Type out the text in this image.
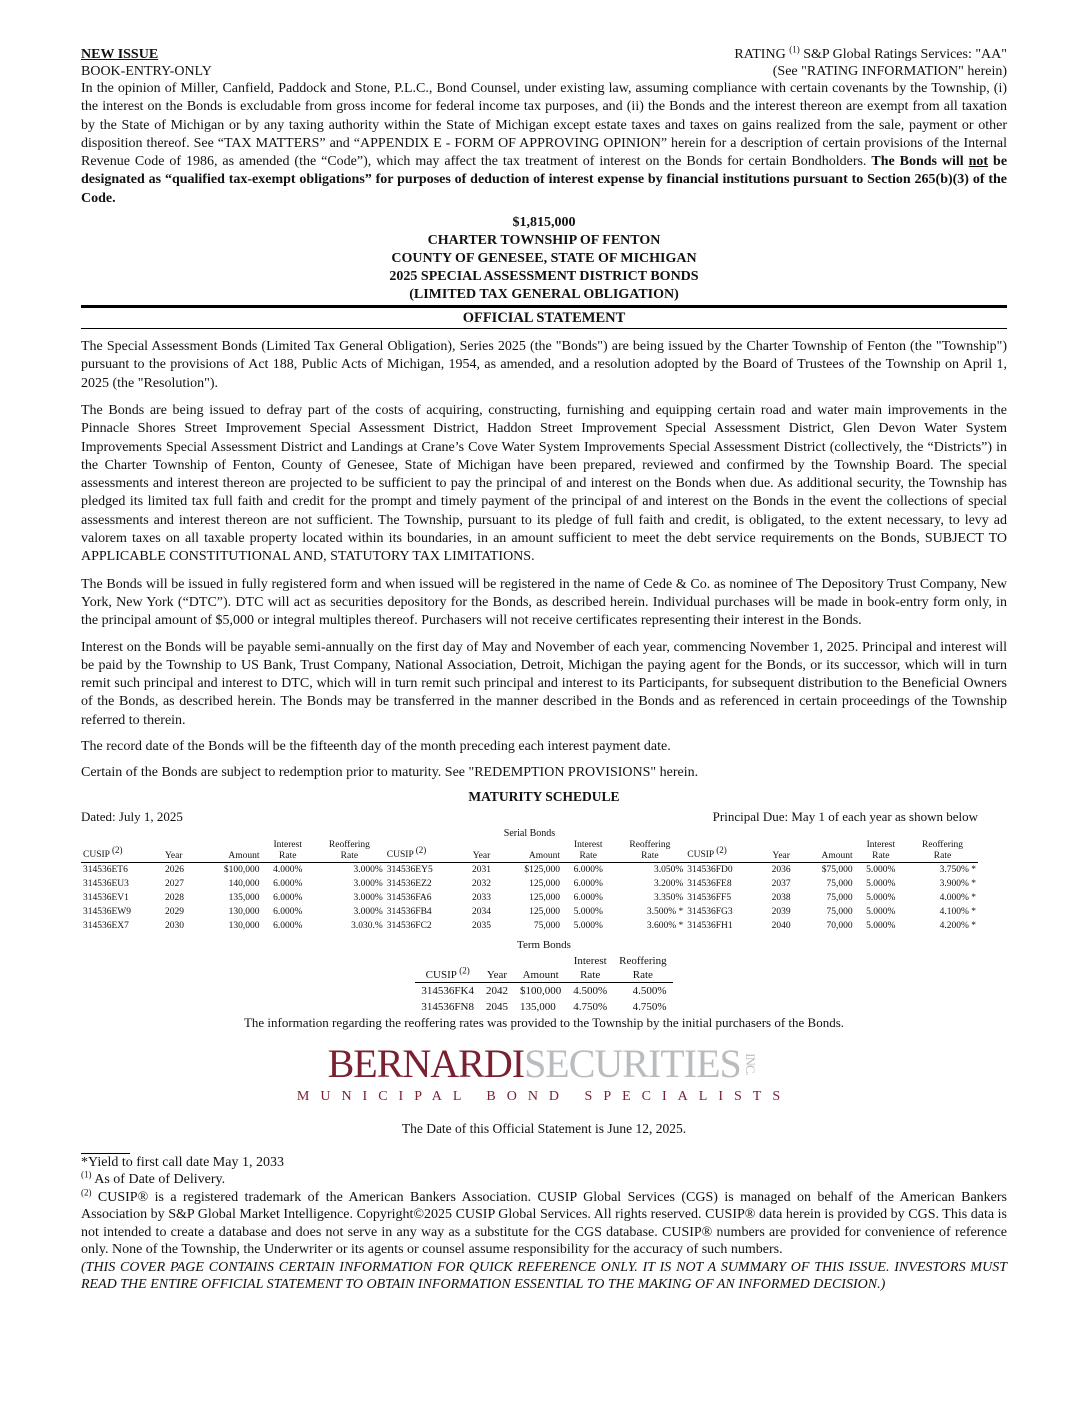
NEW ISSUE
BOOK-ENTRY-ONLY
RATING $^{(1)}$ S&P Global Ratings Services: "AA"
(See "RATING INFORMATION" herein)
In the opinion of Miller, Canfield, Paddock and Stone, P.L.C., Bond Counsel, under existing law, assuming compliance with certain covenants by the Township, (i) the interest on the Bonds is excludable from gross income for federal income tax purposes, and (ii) the Bonds and the interest thereon are exempt from all taxation by the State of Michigan or by any taxing authority within the State of Michigan except estate taxes and taxes on gains realized from the sale, payment or other disposition thereof. See “TAX MATTERS” and “APPENDIX E - FORM OF APPROVING OPINION” herein for a description of certain provisions of the Internal Revenue Code of 1986, as amended (the “Code”), which may affect the tax treatment of interest on the Bonds for certain Bondholders. The Bonds will not be designated as “qualified tax-exempt obligations” for purposes of deduction of interest expense by financial institutions pursuant to Section 265(b)(3) of the Code.
$1,815,000
CHARTER TOWNSHIP OF FENTON
COUNTY OF GENESEE, STATE OF MICHIGAN
2025 SPECIAL ASSESSMENT DISTRICT BONDS
(LIMITED TAX GENERAL OBLIGATION)
OFFICIAL STATEMENT
The Special Assessment Bonds (Limited Tax General Obligation), Series 2025 (the "Bonds") are being issued by the Charter Township of Fenton (the "Township") pursuant to the provisions of Act 188, Public Acts of Michigan, 1954, as amended, and a resolution adopted by the Board of Trustees of the Township on April 1, 2025 (the "Resolution").
The Bonds are being issued to defray part of the costs of acquiring, constructing, furnishing and equipping certain road and water main improvements in the Pinnacle Shores Street Improvement Special Assessment District, Haddon Street Improvement Special Assessment District, Glen Devon Water System Improvements Special Assessment District and Landings at Crane’s Cove Water System Improvements Special Assessment District (collectively, the “Districts”) in the Charter Township of Fenton, County of Genesee, State of Michigan have been prepared, reviewed and confirmed by the Township Board. The special assessments and interest thereon are projected to be sufficient to pay the principal of and interest on the Bonds when due. As additional security, the Township has pledged its limited tax full faith and credit for the prompt and timely payment of the principal of and interest on the Bonds in the event the collections of special assessments and interest thereon are not sufficient. The Township, pursuant to its pledge of full faith and credit, is obligated, to the extent necessary, to levy ad valorem taxes on all taxable property located within its boundaries, in an amount sufficient to meet the debt service requirements on the Bonds, SUBJECT TO APPLICABLE CONSTITUTIONAL AND, STATUTORY TAX LIMITATIONS.
The Bonds will be issued in fully registered form and when issued will be registered in the name of Cede & Co. as nominee of The Depository Trust Company, New York, New York (“DTC”). DTC will act as securities depository for the Bonds, as described herein. Individual purchases will be made in book-entry form only, in the principal amount of $5,000 or integral multiples thereof. Purchasers will not receive certificates representing their interest in the Bonds.
Interest on the Bonds will be payable semi-annually on the first day of May and November of each year, commencing November 1, 2025. Principal and interest will be paid by the Township to US Bank, Trust Company, National Association, Detroit, Michigan the paying agent for the Bonds, or its successor, which will in turn remit such principal and interest to DTC, which will in turn remit such principal and interest to its Participants, for subsequent distribution to the Beneficial Owners of the Bonds, as described herein. The Bonds may be transferred in the manner described in the Bonds and as referenced in certain proceedings of the Township referred to therein.
The record date of the Bonds will be the fifteenth day of the month preceding each interest payment date.
Certain of the Bonds are subject to redemption prior to maturity. See "REDEMPTION PROVISIONS" herein.
MATURITY SCHEDULE
Dated: July 1, 2025	Principal Due: May 1 of each year as shown below
Serial Bonds
CUSIP $^{(2)}$	Year	Amount	Interest
Rate	Reoffering
Rate	CUSIP $^{(2)}$	Year	Amount	Interest
Rate	Reoffering
Rate	CUSIP $^{(2)}$	Year	Amount	Interest
Rate	Reoffering
Rate
314536ET6	2026	$100,000	4.000%	3.000%	314536EY5	2031	$125,000	6.000%	3.050%	314536FD0	2036	$75,000	5.000%	3.750% *
314536EU3	2027	140,000	6.000%	3.000%	314536EZ2	2032	125,000	6.000%	3.200%	314536FE8	2037	75,000	5.000%	3.900% *
314536EV1	2028	135,000	6.000%	3.000%	314536FA6	2033	125,000	6.000%	3.350%	314536FF5	2038	75,000	5.000%	4.000% *
314536EW9	2029	130,000	6.000%	3.000%	314536FB4	2034	125,000	5.000%	3.500% *	314536FG3	2039	75,000	5.000%	4.100% *
314536EX7	2030	130,000	6.000%	3.030.%	314536FC2	2035	75,000	5.000%	3.600% *	314536FH1	2040	70,000	5.000%	4.200% *
Term Bonds
CUSIP $^{(2)}$	Year	Amount	Interest
Rate	Reoffering
Rate
314536FK4	2042	$100,000	4.500%	4.500%
314536FN8	2045	135,000	4.750%	4.750%
The information regarding the reoffering rates was provided to the Township by the initial purchasers of the Bonds.
BERNARDISECURITIES INC.
MUNICIPAL BOND SPECIALISTS
The Date of this Official Statement is June 12, 2025.
*Yield to first call date May 1, 2033
$^{(1)}$ As of Date of Delivery.
$^{(2)}$ CUSIP® is a registered trademark of the American Bankers Association. CUSIP Global Services (CGS) is managed on behalf of the American Bankers Association by S&P Global Market Intelligence. Copyright©2025 CUSIP Global Services. All rights reserved. CUSIP® data herein is provided by CGS. This data is not intended to create a database and does not serve in any way as a substitute for the CGS database. CUSIP® numbers are provided for convenience of reference only. None of the Township, the Underwriter or its agents or counsel assume responsibility for the accuracy of such numbers.
(THIS COVER PAGE CONTAINS CERTAIN INFORMATION FOR QUICK REFERENCE ONLY. IT IS NOT A SUMMARY OF THIS ISSUE. INVESTORS MUST READ THE ENTIRE OFFICIAL STATEMENT TO OBTAIN INFORMATION ESSENTIAL TO THE MAKING OF AN INFORMED DECISION.)
